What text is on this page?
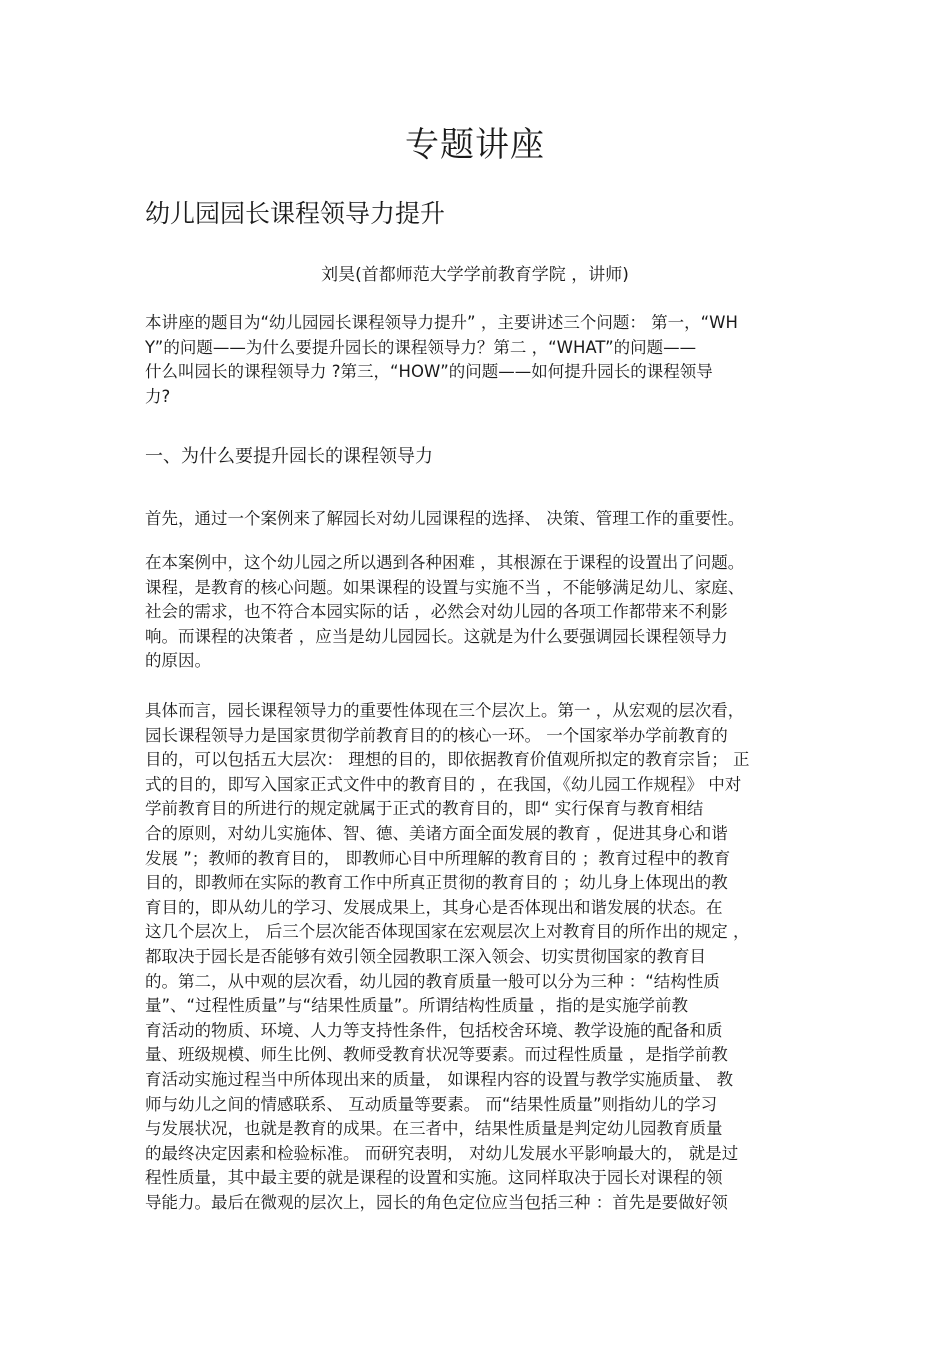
专题讲座
幼儿园园长课程领导力提升

刘昊(首都师范大学学前教育学院 ，讲师)

本讲座的题目为“幼儿园园长课程领导力提升” ，主要讲述三个问题： 第一，“WH
Y”的问题——为什么要提升园长的课程领导力？第二 ，“WHAT”的问题——
什么叫园长的课程领导力 ?第三，“HOW”的问题——如何提升园长的课程领导
力?

一、为什么要提升园长的课程领导力

首先，通过一个案例来了解园长对幼儿园课程的选择、 决策、管理工作的重要性。

在本案例中，这个幼儿园之所以遇到各种困难 ，其根源在于课程的设置出了问题。
课程，是教育的核心问题。如果课程的设置与实施不当 ，不能够满足幼儿、家庭、
社会的需求，也不符合本园实际的话 ，必然会对幼儿园的各项工作都带来不利影
响。而课程的决策者 ，应当是幼儿园园长。这就是为什么要强调园长课程领导力
的原因。

具体而言，园长课程领导力的重要性体现在三个层次上。第一 ，从宏观的层次看，
园长课程领导力是国家贯彻学前教育目的的核心一环。 一个国家举办学前教育的
目的，可以包括五大层次： 理想的目的，即依据教育价值观所拟定的教育宗旨； 正
式的目的，即写入国家正式文件中的教育目的 ，在我国，《幼儿园工作规程》 中对
学前教育目的所进行的规定就属于正式的教育目的，即“ 实行保育与教育相结
合的原则，对幼儿实施体、智、德、美诸方面全面发展的教育 ，促进其身心和谐
发展 ”；教师的教育目的， 即教师心目中所理解的教育目的 ；教育过程中的教育
目的，即教师在实际的教育工作中所真正贯彻的教育目的 ；幼儿身上体现出的教
育目的，即从幼儿的学习、发展成果上，其身心是否体现出和谐发展的状态。在
这几个层次上， 后三个层次能否体现国家在宏观层次上对教育目的所作出的规定 ，
都取决于园长是否能够有效引领全园教职工深入领会、切实贯彻国家的教育目
的。第二，从中观的层次看，幼儿园的教育质量一般可以分为三种 ：“结构性质
量”、“过程性质量”与“结果性质量”。所谓结构性质量 ，指的是实施学前教
育活动的物质、环境、人力等支持性条件，包括校舍环境、教学设施的配备和质
量、班级规模、师生比例、教师受教育状况等要素。而过程性质量 ，是指学前教
育活动实施过程当中所体现出来的质量， 如课程内容的设置与教学实施质量、 教
师与幼儿之间的情感联系、 互动质量等要素。 而“结果性质量”则指幼儿的学习
与发展状况，也就是教育的成果。在三者中，结果性质量是判定幼儿园教育质量
的最终决定因素和检验标准。 而研究表明， 对幼儿发展水平影响最大的， 就是过
程性质量，其中最主要的就是课程的设置和实施。这同样取决于园长对课程的领
导能力。最后在微观的层次上，园长的角色定位应当包括三种 ：首先是要做好领
